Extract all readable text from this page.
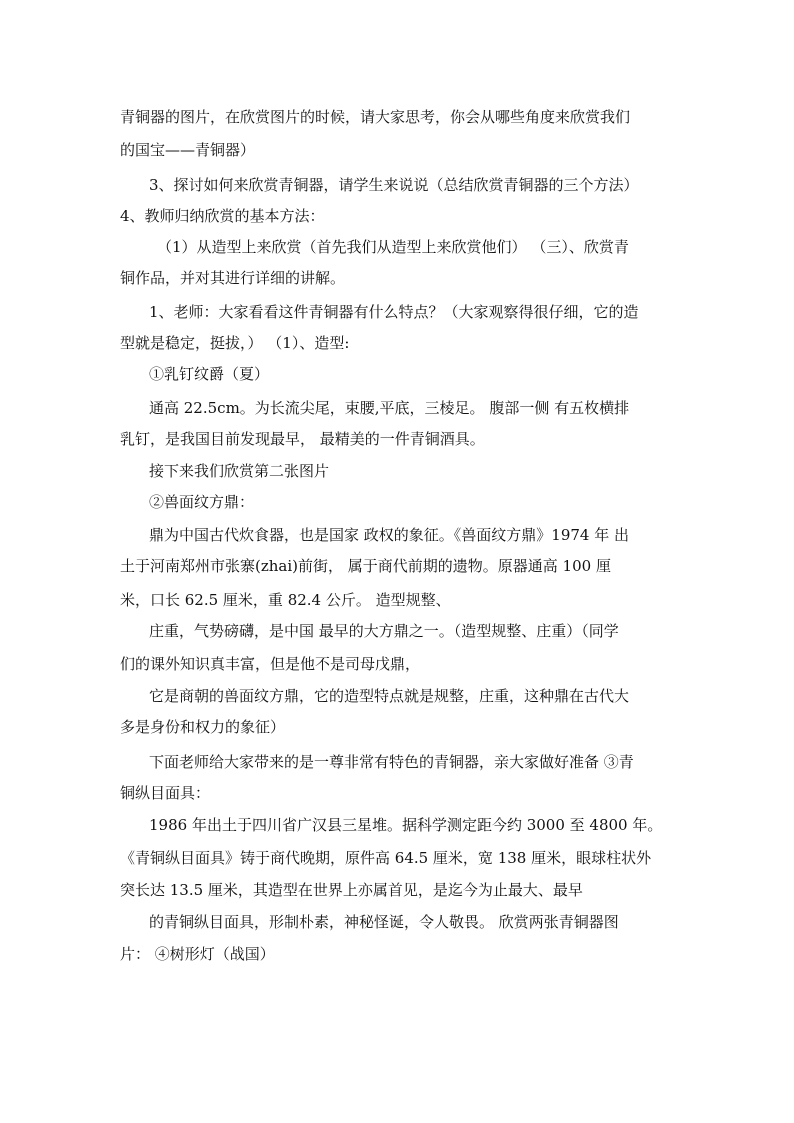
青铜器的图片，在欣赏图片的时候，请大家思考，你会从哪些角度来欣赏我们
的国宝——青铜器）
3、探讨如何来欣赏青铜器，请学生来说说（总结欣赏青铜器的三个方法）
4、教师归纳欣赏的基本方法：
（1）从造型上来欣赏（首先我们从造型上来欣赏他们） （三）、欣赏青
铜作品，并对其进行详细的讲解。
1、老师：大家看看这件青铜器有什么特点？（大家观察得很仔细，它的造
型就是稳定，挺拔，） （1）、造型:
①乳钉纹爵（夏）
通高 22.5cm。为长流尖尾，束腰,平底，三棱足。 腹部一侧 有五枚横排
乳钉，是我国目前发现最早， 最精美的一件青铜酒具。
接下来我们欣赏第二张图片
②兽面纹方鼎：
鼎为中国古代炊食器，也是国家 政权的象征。《兽面纹方鼎》1974 年 出
土于河南郑州市张寨(zhai)前街， 属于商代前期的遗物。原器通高 100 厘
米，口长 62.5 厘米，重 82.4 公斤。 造型规整、
庄重，气势磅礴，是中国 最早的大方鼎之一。（造型规整、庄重）（同学
们的课外知识真丰富，但是他不是司母戊鼎，
它是商朝的兽面纹方鼎，它的造型特点就是规整，庄重，这种鼎在古代大
多是身份和权力的象征）
下面老师给大家带来的是一尊非常有特色的青铜器，亲大家做好准备 ③青
铜纵目面具：
1986 年出土于四川省广汉县三星堆。据科学测定距今约 3000 至 4800 年。
《青铜纵目面具》铸于商代晚期，原件高 64.5 厘米，宽 138 厘米，眼球柱状外
突长达 13.5 厘米，其造型在世界上亦属首见，是迄今为止最大、最早
的青铜纵目面具，形制朴素，神秘怪诞，令人敬畏。 欣赏两张青铜器图
片： ④树形灯（战国）
